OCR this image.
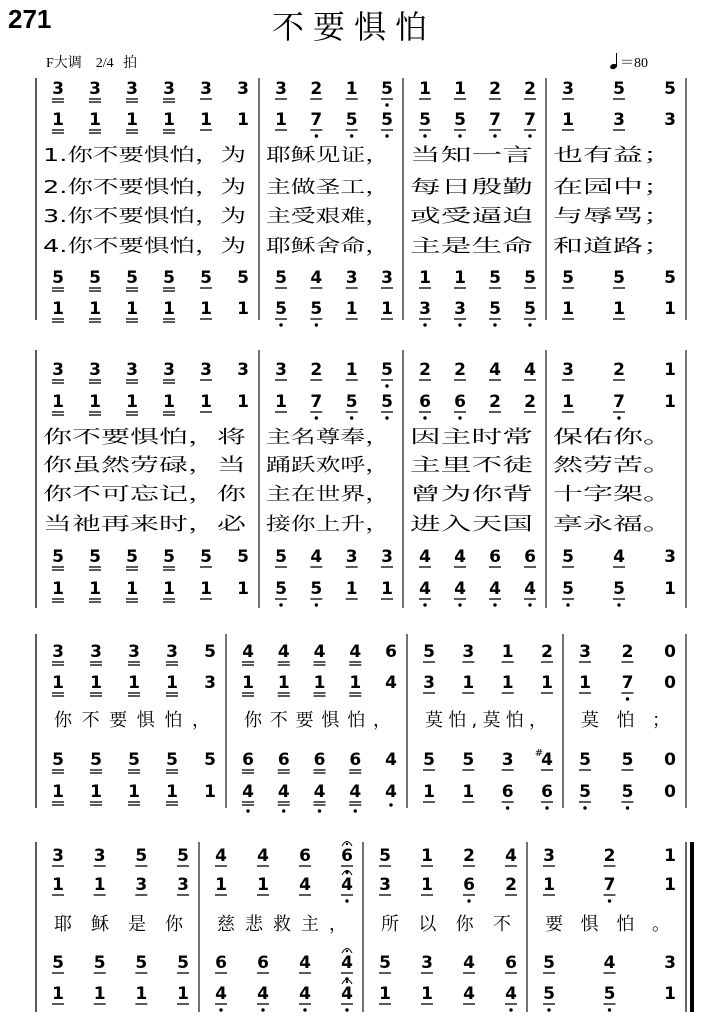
271	不要惧怕
F大调　2/4 拍	＝80
3 3 3 3 3 3
1 1 1 1 1 1
5 5 5 5 5 5
1 1 1 1 1 1
1.你不要惧怕，为
2.你不要惧怕，为
3.你不要惧怕，为
4.你不要惧怕，为
3 2 1 5
1 7 5 5
5 4 3 3
5 5 1 1
耶稣见证，
主做圣工，
主受艰难，
耶稣舍命，
1 1 2 2
5 5 7 7
1 1 5 5
3 3 5 5
当知一言
每日殷勤
或受逼迫
主是生命
3 5 5
1 3 3
5 5 5
1 1 1
也有益；
在园中；
与辱骂；
和道路；
3 3 3 3 3 3
1 1 1 1 1 1
5 5 5 5 5 5
1 1 1 1 1 1
你不要惧怕，将
你虽然劳碌，当
你不可忘记，你
当祂再来时，必
3 2 1 5
1 7 5 5
5 4 3 3
5 5 1 1
主名尊奉，
踊跃欢呼，
主在世界，
接你上升，
2 2 4 4
6 6 2 2
4 4 6 6
4 4 4 4
因主时常
主里不徒
曾为你背
进入天国
3 2 1
1 7 1
5 4 3
5 5 1
保佑你。
然劳苦。
十字架。
享永福。
3 3 3 3 5
1 1 1 1 3
5 5 5 5 5
1 1 1 1 1
你不要惧怕，
4 4 4 4 6
1 1 1 1 4
6 6 6 6 4
4 4 4 4 4
你不要惧怕，
5 3 1 2
3 1 1 1
5 5 3 4
#
1 1 6 6
莫怕,莫怕，
3 2 0
1 7 0
5 5 0
5 5 0
莫怕；
3 3 5 5
1 1 3 3
5 5 5 5
1 1 1 1
耶稣是你
4 4 6 6
1 1 4 4
6 6 4 4
4 4 4 4
慈悲救主，
5 1 2 4
3 1 6 2
5 3 4 6
1 1 4 4
所以你不
3	2	1
1	7	1
5	4	3
5	5	1
要惧怕。
